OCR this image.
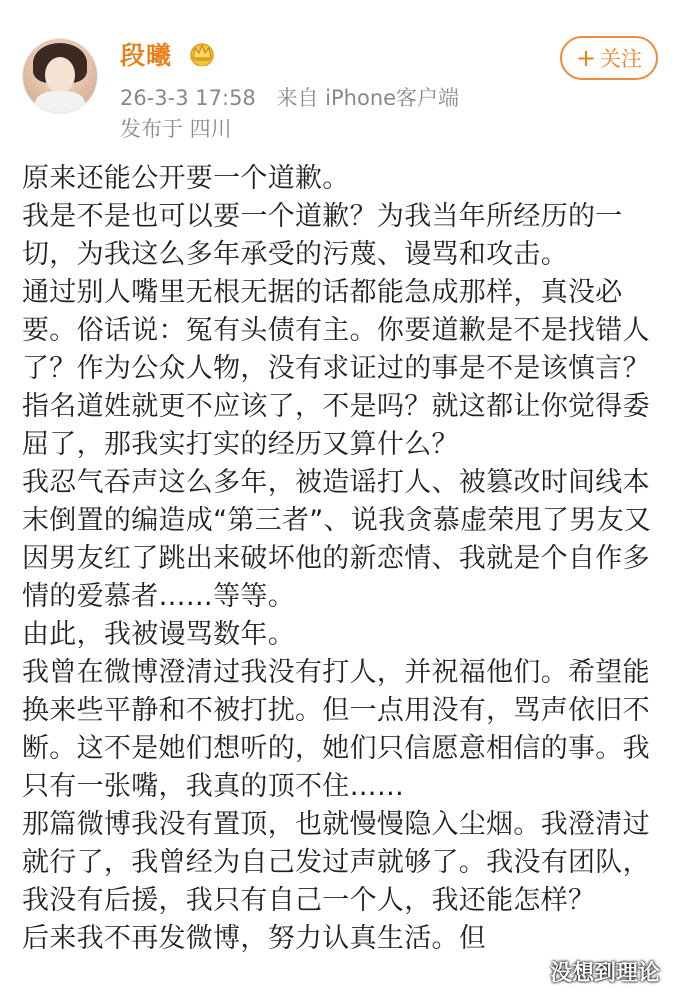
段曦
26-3-3 17:58 来自 iPhone客户端
发布于 四川
+ 关注

原来还能公开要一个道歉。

我是不是也可以要一个道歉？为我当年所经历的一切，为我这么多年承受的污蔑、谩骂和攻击。

通过别人嘴里无根无据的话都能急成那样，真没必要。俗话说：冤有头债有主。你要道歉是不是找错人了？作为公众人物，没有求证过的事是不是该慎言？指名道姓就更不应该了，不是吗？就这都让你觉得委屈了，那我实打实的经历又算什么？

我忍气吞声这么多年，被造谣打人、被篡改时间线本末倒置的编造成“第三者”、说我贪慕虚荣甩了男友又因男友红了跳出来破坏他的新恋情、我就是个自作多情的爱慕者……等等。

由此，我被谩骂数年。

我曾在微博澄清过我没有打人，并祝福他们。希望能换来些平静和不被打扰。但一点用没有，骂声依旧不断。这不是她们想听的，她们只信愿意相信的事。我只有一张嘴，我真的顶不住……

那篇微博我没有置顶，也就慢慢隐入尘烟。我澄清过就行了，我曾经为自己发过声就够了。我没有团队，我没有后援，我只有自己一个人，我还能怎样？

后来我不再发微博，努力认真生活。但

没想到理论
